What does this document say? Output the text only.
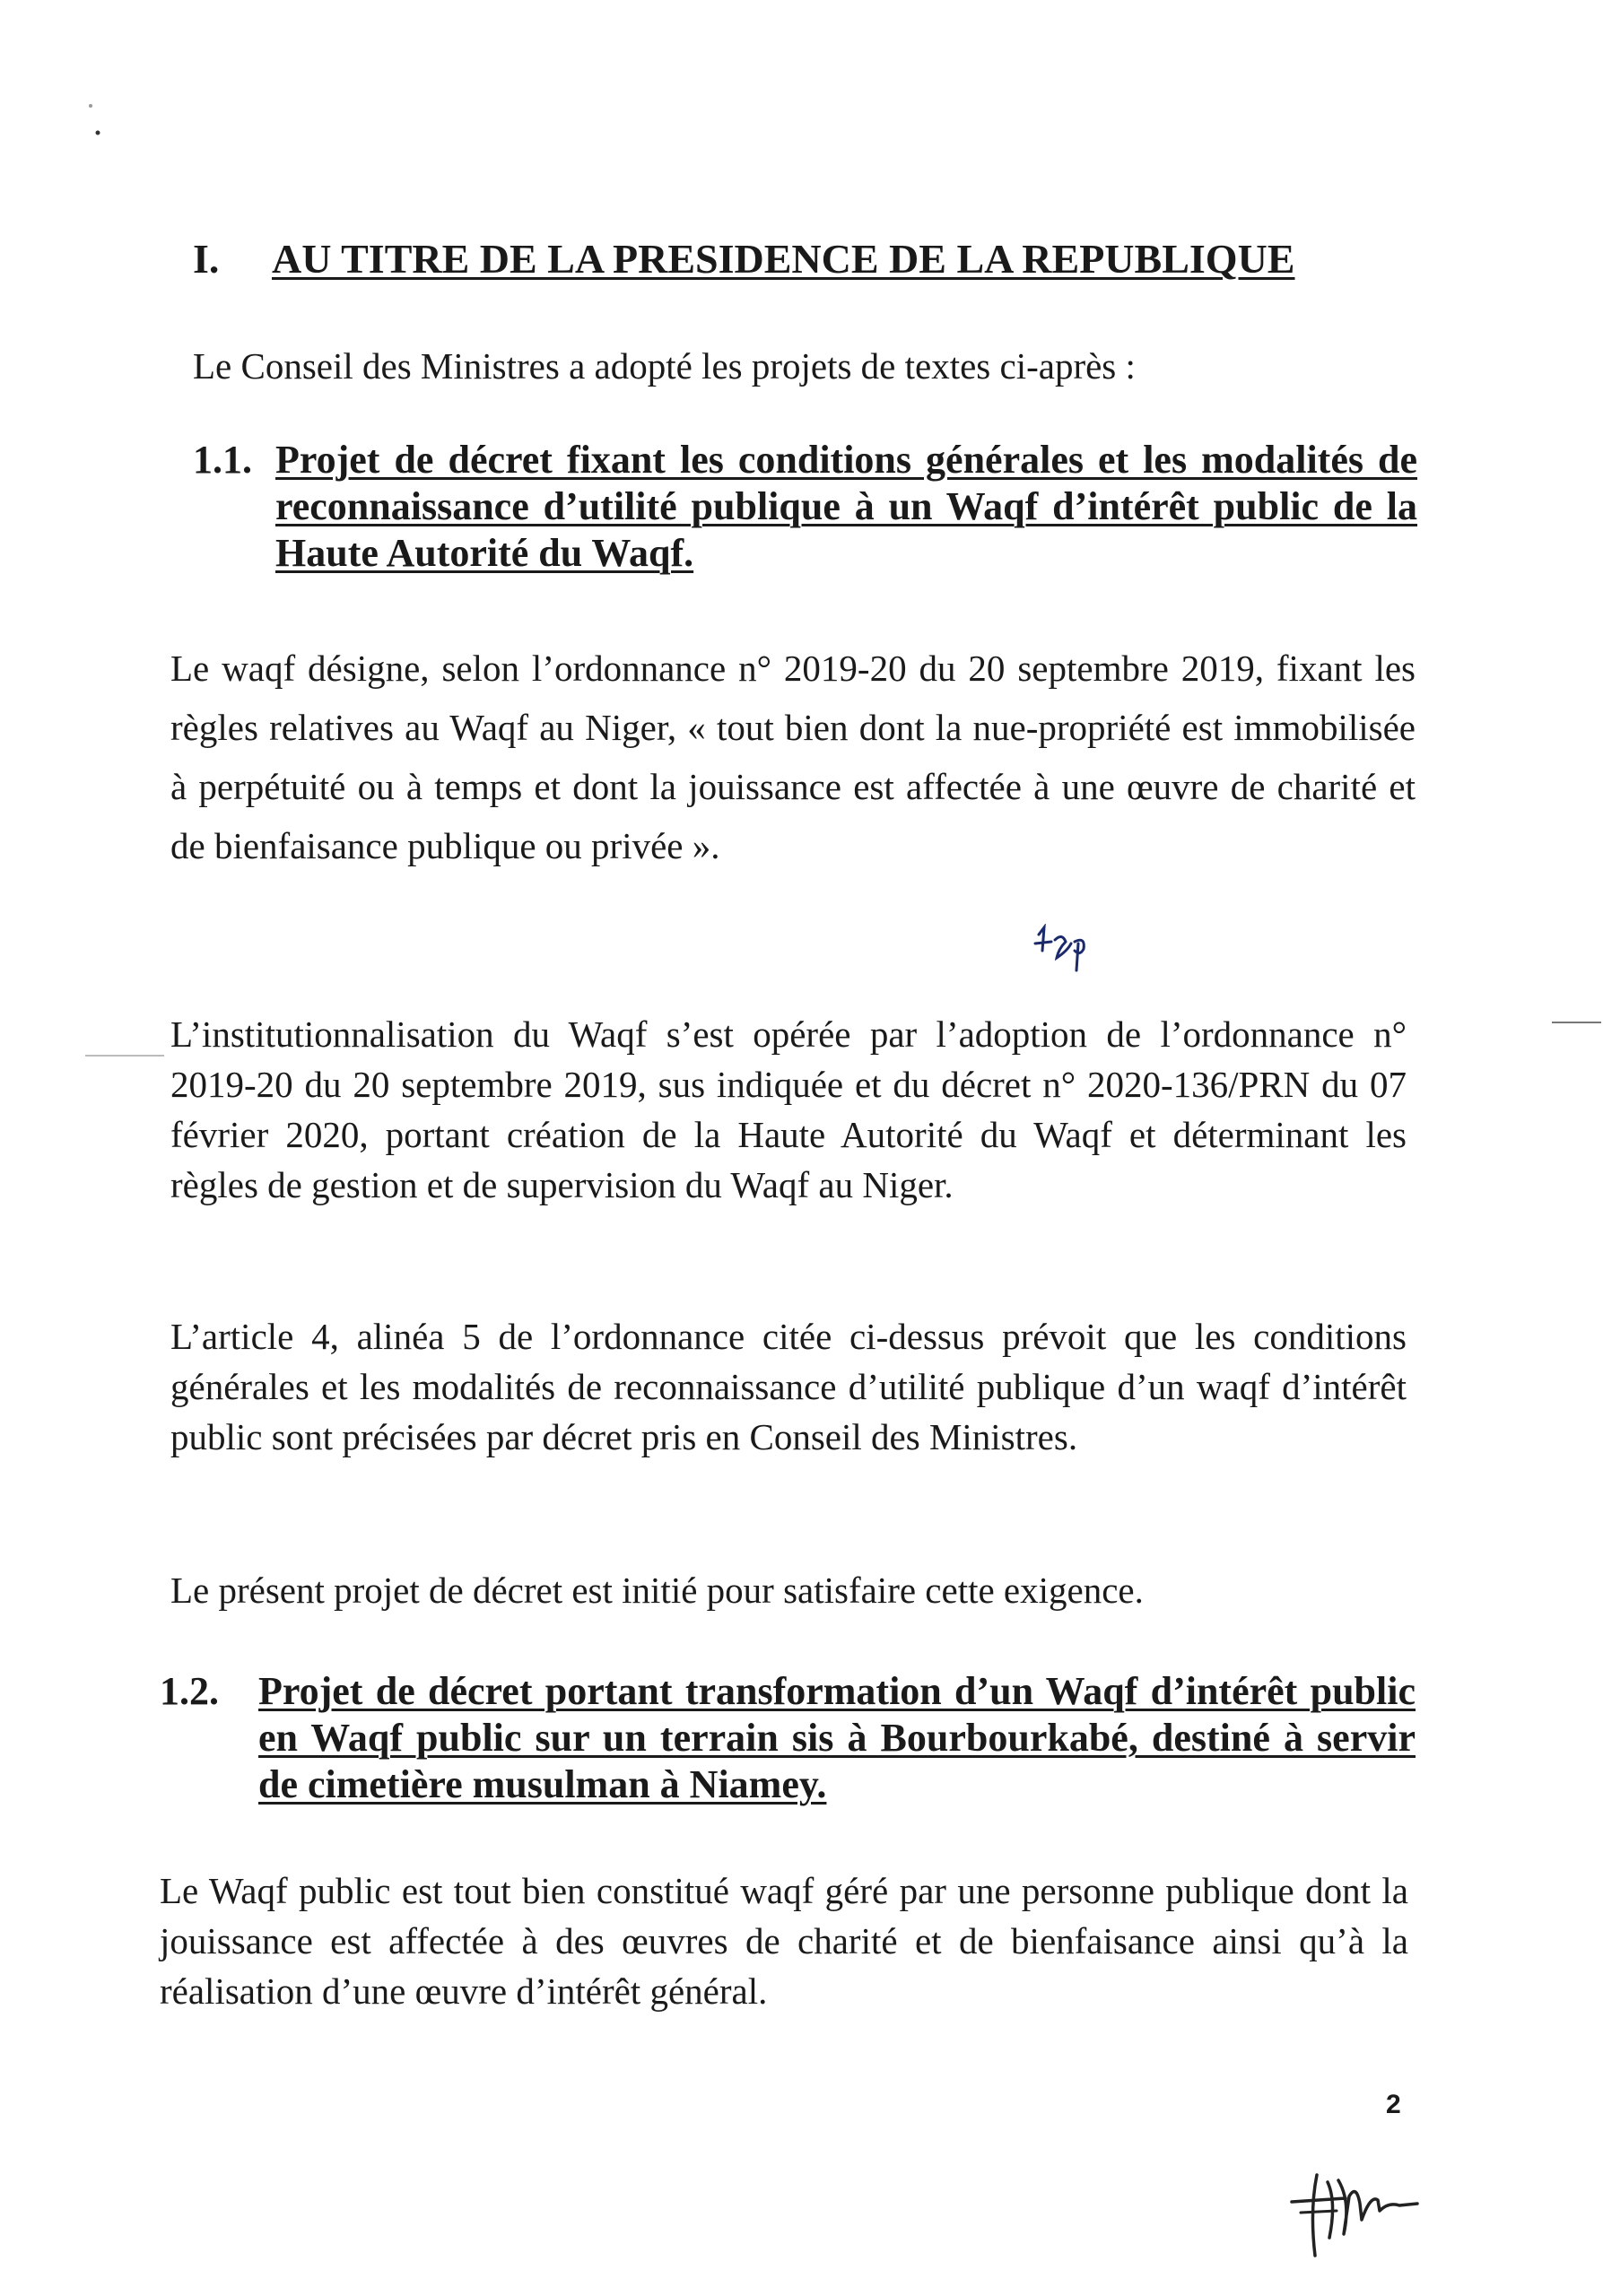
I. AU TITRE DE LA PRESIDENCE DE LA REPUBLIQUE
Le Conseil des Ministres a adopté les projets de textes ci-après :
1.1. Projet de décret fixant les conditions générales et les modalités de reconnaissance d’utilité publique à un Waqf d’intérêt public de la Haute Autorité du Waqf.
Le waqf désigne, selon l’ordonnance n° 2019-20 du 20 septembre 2019, fixant les règles relatives au Waqf au Niger, « tout bien dont la nue-propriété est immobilisée à perpétuité ou à temps et dont la jouissance est affectée à une œuvre de charité et de bienfaisance publique ou privée ».
L’institutionnalisation du Waqf s’est opérée par l’adoption de l’ordonnance n° 2019-20 du 20 septembre 2019, sus indiquée et du décret n° 2020-136/PRN du 07 février 2020, portant création de la Haute Autorité du Waqf et déterminant les règles de gestion et de supervision du Waqf au Niger.
L’article 4, alinéa 5 de l’ordonnance citée ci-dessus prévoit que les conditions générales et les modalités de reconnaissance d’utilité publique d’un waqf d’intérêt public sont précisées par décret pris en Conseil des Ministres.
Le présent projet de décret est initié pour satisfaire cette exigence.
1.2. Projet de décret portant transformation d’un Waqf d’intérêt public en Waqf public sur un terrain sis à Bourbourkabé, destiné à servir de cimetière musulman à Niamey.
Le Waqf public est tout bien constitué waqf géré par une personne publique dont la jouissance est affectée à des œuvres de charité et de bienfaisance ainsi qu’à la réalisation d’une œuvre d’intérêt général.
2
